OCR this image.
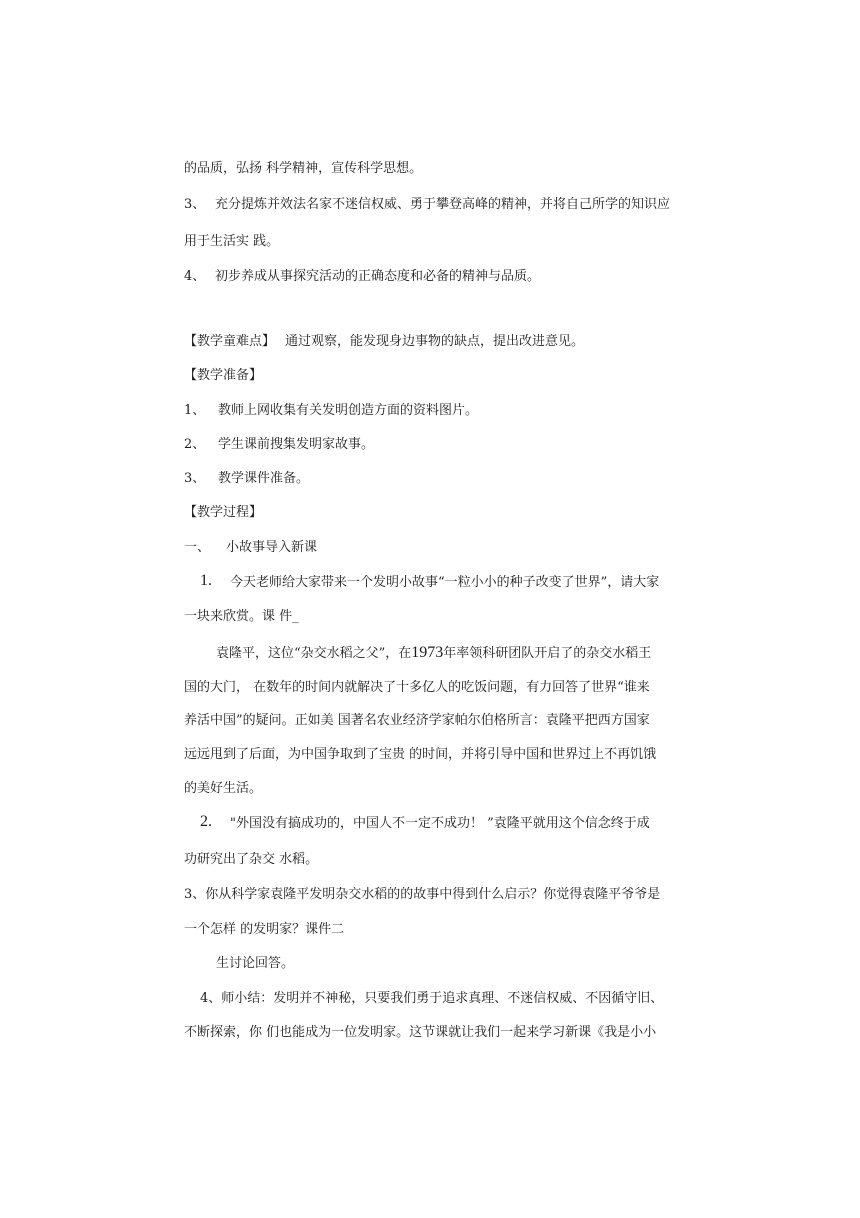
的品质，弘扬 科学精神，宣传科学思想。
3、 充分提炼并效法名家不迷信权威、勇于攀登高峰的精神，并将自己所学的知识应
用于生活实 践。
4、 初步养成从事探究活动的正确态度和必备的精神与品质。
【教学童难点】 通过观察，能发现身边事物的缺点，提出改进意见。
【教学准备】
1、 教师上网收集有关发明创造方面的资料图片。
2、 学生课前搜集发明家故事。
3、 教学课件准备。
【教学过程】
一、 小故事导入新课
1. 今天老师给大家带来一个发明小故事“一粒小小的种子改变了世界”，请大家
一块来欣赏。课 件_
袁隆平，这位“杂交水稻之父”，在1973年率领科研团队开启了的杂交水稻王
国的大门， 在数年的时间内就解决了十多亿人的吃饭问题，有力回答了世界“谁来
养活中国”的疑问。正如美 国著名农业经济学家帕尔伯格所言：袁隆平把西方国家
远远甩到了后面，为中国争取到了宝贵 的时间，并将引导中国和世界过上不再饥饿
的美好生活。
2. "外国没有搞成功的，中国人不一定不成功！ ”袁隆平就用这个信念终于成
功研究出了杂交 水稻。
3、你从科学家袁隆平发明杂交水稻的的故事中得到什么启示？你觉得袁隆平爷爷是
一个怎样 的发明家？课件二
生讨论回答。
4、师小结：发明并不神秘，只要我们勇于追求真理、不迷信权威、不因循守旧、
不断探索，你 们也能成为一位发明家。这节课就让我们一起来学习新课《我是小小
